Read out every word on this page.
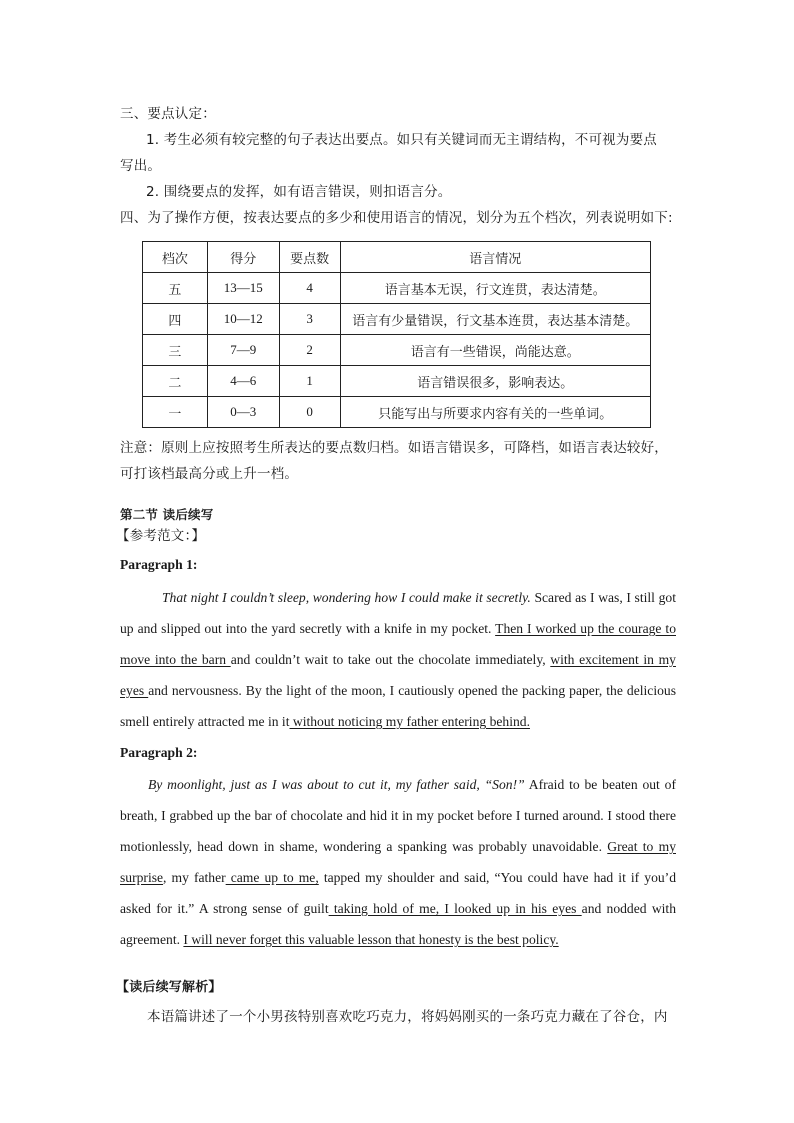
三、要点认定：
1. 考生必须有较完整的句子表达出要点。如只有关键词而无主谓结构，不可视为要点
写出。
2. 围绕要点的发挥，如有语言错误，则扣语言分。
四、为了操作方便，按表达要点的多少和使用语言的情况，划分为五个档次，列表说明如下:
档次	得分	要点数	语言情况
五	13—15	4	语言基本无误，行文连贯，表达清楚。
四	10—12	3	语言有少量错误，行文基本连贯，表达基本清楚。
三	7—9	2	语言有一些错误，尚能达意。
二	4—6	1	语言错误很多，影响表达。
一	0—3	0	只能写出与所要求内容有关的一些单词。
注意：原则上应按照考生所表达的要点数归档。如语言错误多，可降档，如语言表达较好，
可打该档最高分或上升一档。
第二节 读后续写
【参考范文：】
Paragraph 1:
That night I couldn’t sleep, wondering how I could make it secretly. Scared as I was, I still got up and slipped out into the yard secretly with a knife in my pocket. Then I worked up the courage to move into the barn and couldn’t wait to take out the chocolate immediately, with excitement in my eyes and nervousness. By the light of the moon, I cautiously opened the packing paper, the delicious smell entirely attracted me in it without noticing my father entering behind.
Paragraph 2:
By moonlight, just as I was about to cut it, my father said, “Son!” Afraid to be beaten out of breath, I grabbed up the bar of chocolate and hid it in my pocket before I turned around. I stood there motionlessly, head down in shame, wondering a spanking was probably unavoidable. Great to my surprise, my father came up to me, tapped my shoulder and said, “You could have had it if you’d asked for it.” A strong sense of guilt taking hold of me, I looked up in his eyes and nodded with agreement. I will never forget this valuable lesson that honesty is the best policy.
【读后续写解析】
本语篇讲述了一个小男孩特别喜欢吃巧克力，将妈妈刚买的一条巧克力藏在了谷仓，内
